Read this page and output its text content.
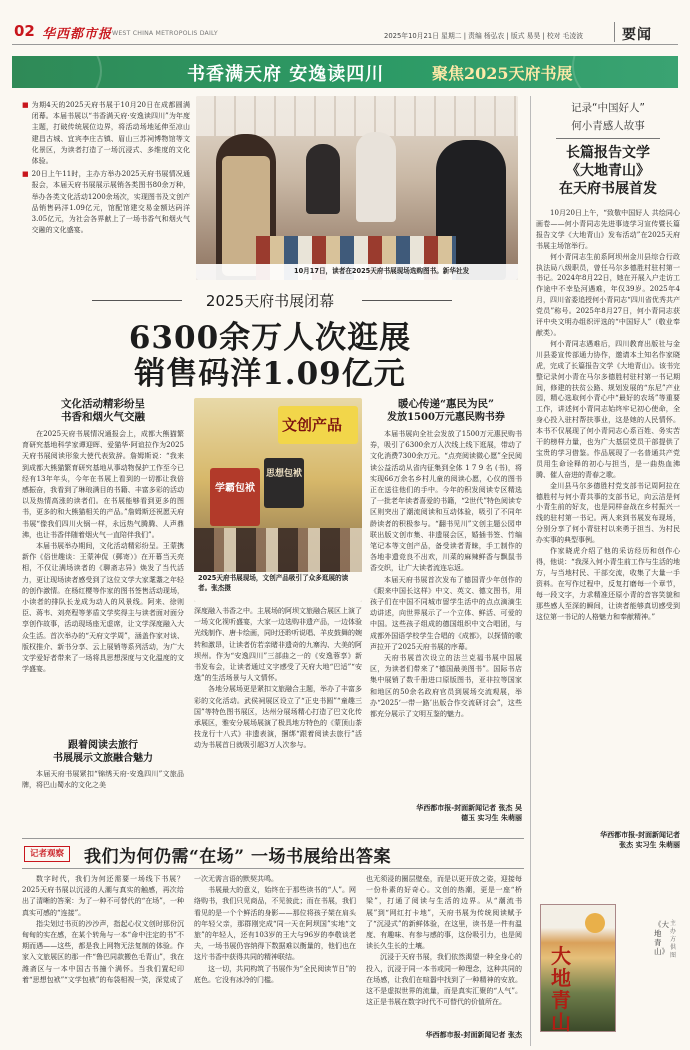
02 华西都市报 WEST CHINA METROPOLIS DAILY	2025年10月21日 星期二 | 责编 杨弘农 | 版式 易昊 | 校对 毛凌波	要闻
书香满天府 安逸读四川	聚焦2025天府书展
■ 为期4天的2025天府书展于10月20日在成都圆满闭幕。本届书展以“书香满天府·安逸读四川”为年度主题，打破传统展位边界，将活动场地延伸至凉山建昌古城、宜宾李庄古镇、眉山三苏祠博物馆等文化景区，为读者打造了一场沉浸式、多维度的文化体验。
■ 20日上午11时，主办方举办2025天府书展情况通报会，本届天府书展展示展销各类图书80余万种，举办各类文化活动1200余场次，实现图书及文创产品销售码洋1.09亿元，馆配馆建交易金额达码洋3.05亿元，为社会各界献上了一场书香气和烟火气交融的文化盛宴。
10月17日，读者在2025天府书展现场选购图书。新华社发
2025天府书展闭幕
6300余万人次逛展
销售码洋1.09亿元
记录“中国好人”
何小青感人故事
长篇报告文学
《大地青山》
在天府书展首发

10月20日上午，“致敬中国好人 共绘同心画卷——何小青同志先进事迹学习宣传暨长篇报告文学《大地青山》发布活动”在2025天府书展主场馆举行。

何小青同志生前系阿坝州金川县综合行政执法局八级职员，曾任马尔多德胜村驻村第一书记。2024年8月22日，她在开展入户走访工作途中不幸坠河遇难，年仅39岁。2025年4月，四川省委追授何小青同志“四川省优秀共产党员”称号。2025年8月27日，何小青同志获评中央文明办组织评选的“中国好人”（敬业奉献类）。

何小青同志遇难后，四川教育出版社与金川县委宣传部通力协作，邀请本土知名作家晓虎，完成了长篇报告文学《大地青山》。该书完整记录何小青在马尔多德胜村驻村第一书记期间，修建的扶贫公路、规划发展的“东尼”产业园，精心选取何小青心中“最好的农场”等重要工作，讲述何小青同志始终牢记初心使命，全身心投入驻村帮扶事业，这是她的人民情怀。本书不仅展现了何小青同志心系百姓、务实苦干的榜样力量，也为广大基层党员干部提供了宝贵的学习借鉴。作品展现了一名普通共产党员用生命诠释的初心与担当，是一曲热血沸腾、催人奋进的青春之歌。

金川县马尔多德胜村党支部书记周阿拉在德胜村与何小青共事的支部书记，向云洁是何小青生前的好友，也是同样奋战在乡村振兴一线的驻村第一书记。两人来到书展发布现场，分别分享了何小青驻村以来勇于担当、为村民办实事的典型事例。

作家晓虎介绍了他的采访经历和创作心得，他说：“我深入何小青生前工作与生活的地方，与当地村民、干部交流，收集了大量一手资料。在写作过程中，反复打磨每一个章节，每一段文字，力求精准还原小青的音容笑貌和那些感人至深的瞬间，让读者能够真切感受到这位第一书记的人格魅力和奉献精神。”

华西都市报-封面新闻记者
张杰 实习生 朱萌丽
大地青山
《大地青山》
主办方供图
文化活动精彩纷呈
书香和烟火气交融

在2025天府书展情况通报会上，成都大熊猫繁育研究基地科学家谭迎晖、爱猫华·阿谊拉作为2025天府书展阅读形象大使代表致辞。詹姆斯说：“我来到成都大熊猫繁育研究基地从事动物保护工作至今已经有13年年头，今年在书展上看到的一切都让我倍感振奋，我看到了琳琅满目的书籍、丰富多彩的活动以及热情高涨的读者们。在书展能够看到更多的图书，更多的和大熊猫相关的产品。”詹姆斯还祝愿天府书展“像我们四川火锅一样，永远热气腾腾、人声鼎沸，也让书香伴随着烟火气一直陪伴我们”。

本届书展举办期间，文化活动精彩纷呈。王蒙携新作《俗世趣谈：王蒙神侃（郵寄）》在开幕当天亮相，不仅让满场读者的《聊斋志异》焕发了当代活力，更让现场读者感受到了这位文学大家耄耋之年轻的创作激情。在杨红樱等作家的图书签售活动现场，小读者的排队长龙成为动人的风景线。阿来、徐则臣、蒋韦、刘亮程等茅盾文学奖得主与读者面对面分享创作故事，活动现场座无虚席，让文学深度融入大众生活。首次举办的“天府文学周”，涵盖作家对谈、版权推介、新书分享、云上展销等系列活动，为广大文学爱好者带来了一场将具思想深度与文化温度的文学盛宴。

跟着阅读去旅行
书展展示文旅融合魅力

本届天府书展紧扣“锦绣天府·安逸四川”文旅品牌，将巴山蜀水的文化之美

文创产品
学霸包袱
思想包袱
2025天府书展现场，文创产品吸引了众多逛展的读者。张杰摄

深度融入书香之中。主展场的阿坝文旅融合展区上演了一场文化视听盛宴，大家一边选购非遗产品，一边体验光线制作、唐卡绘画，同时还聆听说唱、羊皮鼓舞的婉转和激昂，让读者仿若亲睹非遗奇的九寨沟、大美的阿坝州。作为“安逸四川”三部曲之一的《安逸蓉享》新书发布会，让读者通过文字感受了天府大地“巴适”“安逸”的生活场景与人文情怀。

各地分展场更是紧扣文旅融合主题，举办了丰富多彩的文化活动。武侯祠展区设立了“正史书圆”“童趣三国”等特色图书展区，达州分展场精心打造了巴文化传承展区，雅安分展场展演了极具地方特色的《蒙顶山茶技龙行十八式》非遗表演，捆绑“跟着阅读去旅行”活动为书展首日就吸引超3万人次参与。

暖心传递“惠民为民”
发放1500万元惠民购书券

本届书展向全社会发放了1500万元惠民购书券，吸引了6300余万人次线上线下逛展，带动了文化消费7300余万元。“点亮阅读微心愿”全民阅读公益活动从省内征集到全体 1 7 9 名 (书)，将实现66万余名乡村儿童的阅读心愿，心仪的图书正在送往他们的手中。今年的积发阅读专区精选了一批老年读者喜爱的书籍，“2世代”特色阅读专区则突出了潮流阅读和互动体验，吸引了不同年龄读者的积极参与。“翻书见川”文创主题公园申联出版文创市集、非遗展会区，婚插书签、竹编笔记本等文创产品，备受读者青睐，手工制作的各地非遗竞良不出欢，川菜的麻辣鲜香与飘鼠书香交织，让广大读者流连忘返。

本届天府书展首次发布了德国青少年创作的《跟来中国长这样》中文、英文、德文图书，用孩子们在中国不同城市留学生活中的点点滴滴生动讲述，向世界展示了一个立体、鲜活、可爱的中国。这些孩子组成的德国组织中文合唱团，与成都外国语学校学生合唱的《成都》，以探情的歌声拉开了2025天府书展的序幕。

天府书展首次设立的法兰克福书展中国展区，为读者们带来了“德国最美图书”。国际书店集中展销了数千册进口原版图书，亚非拉等国家和地区的50余名政府官员到展场交流观展，举办“2025‘一带一路’出版合作交流研讨会”，这些都充分展示了文明互鉴的魅力。

华西都市报-封面新闻记者 张杰 吴
德玉 实习生 朱萌丽
记者观察	我们为何仍需“在场” 一场书展给出答案

数字时代，我们为何还需要一场线下书展？2025天府书展以沉浸的人潮与真实的触感，再次给出了清晰的答案：为了一种不可替代的“在场”，一种真实可感的“连接”。

指尖划过书页的沙沙声，指起心仪文创时那份沉甸甸的实在感，在某个转角与一本“命中注定的书”不期而遇——这些，都是我上网物无法复制的体验。作家入文旅展区的那一件“鲁巴同款搬色毛青山”，我在潍斋区与一本中国古书撞个满怀。当我们置纪印着“思想包袱”“文学包袱”的布袋相视一笑，深觉成了

一次无需言语的默契共鸣。

书展最大的意义，始终在于那些读书的“人”。网络购书，我们只见商品，不见彼此；而在书展，我们看见的是一个个鲜活的身影——那位将孩子架在肩头的年轻父亲，那群刚完成“同一天在阿坝国”实地“文旅”的年轻人，还有103岁的王大与96岁的李敬谈老夫，一场书展仍容纳得下数据难以衡量的，他们也在这片书香中获得共同的精神联结。

这一切，共同构筑了书展作为“全民阅读节日”的底色。它没有冰冷的门槛。

也无须浸的圈层壁垒，而是以更开放之姿，迎接每一份朴素的好奇心。文创的热潮，更是一座“桥梁”，打通了阅读与生活的边界。从“潮流书展”到“网红打卡地”，天府书展为传统阅读赋予了“沉浸式”的新鲜体验，在这里，读书是一件有温度、有趣味、有参与感的事，这份吸引力，也是阅读长久生长的土壤。

沉浸于天府书展，我们依然渴望一种全身心的投入，沉浸于同一本书或同一种理念，这种共同的在场感，让我们在喧嚣中找到了一种精神的安放。这不是虚拟世界的流量，而是真实汇聚的“人气”。这正是书展在数字时代不可替代的价值所在。

华西都市报-封面新闻记者 张杰
